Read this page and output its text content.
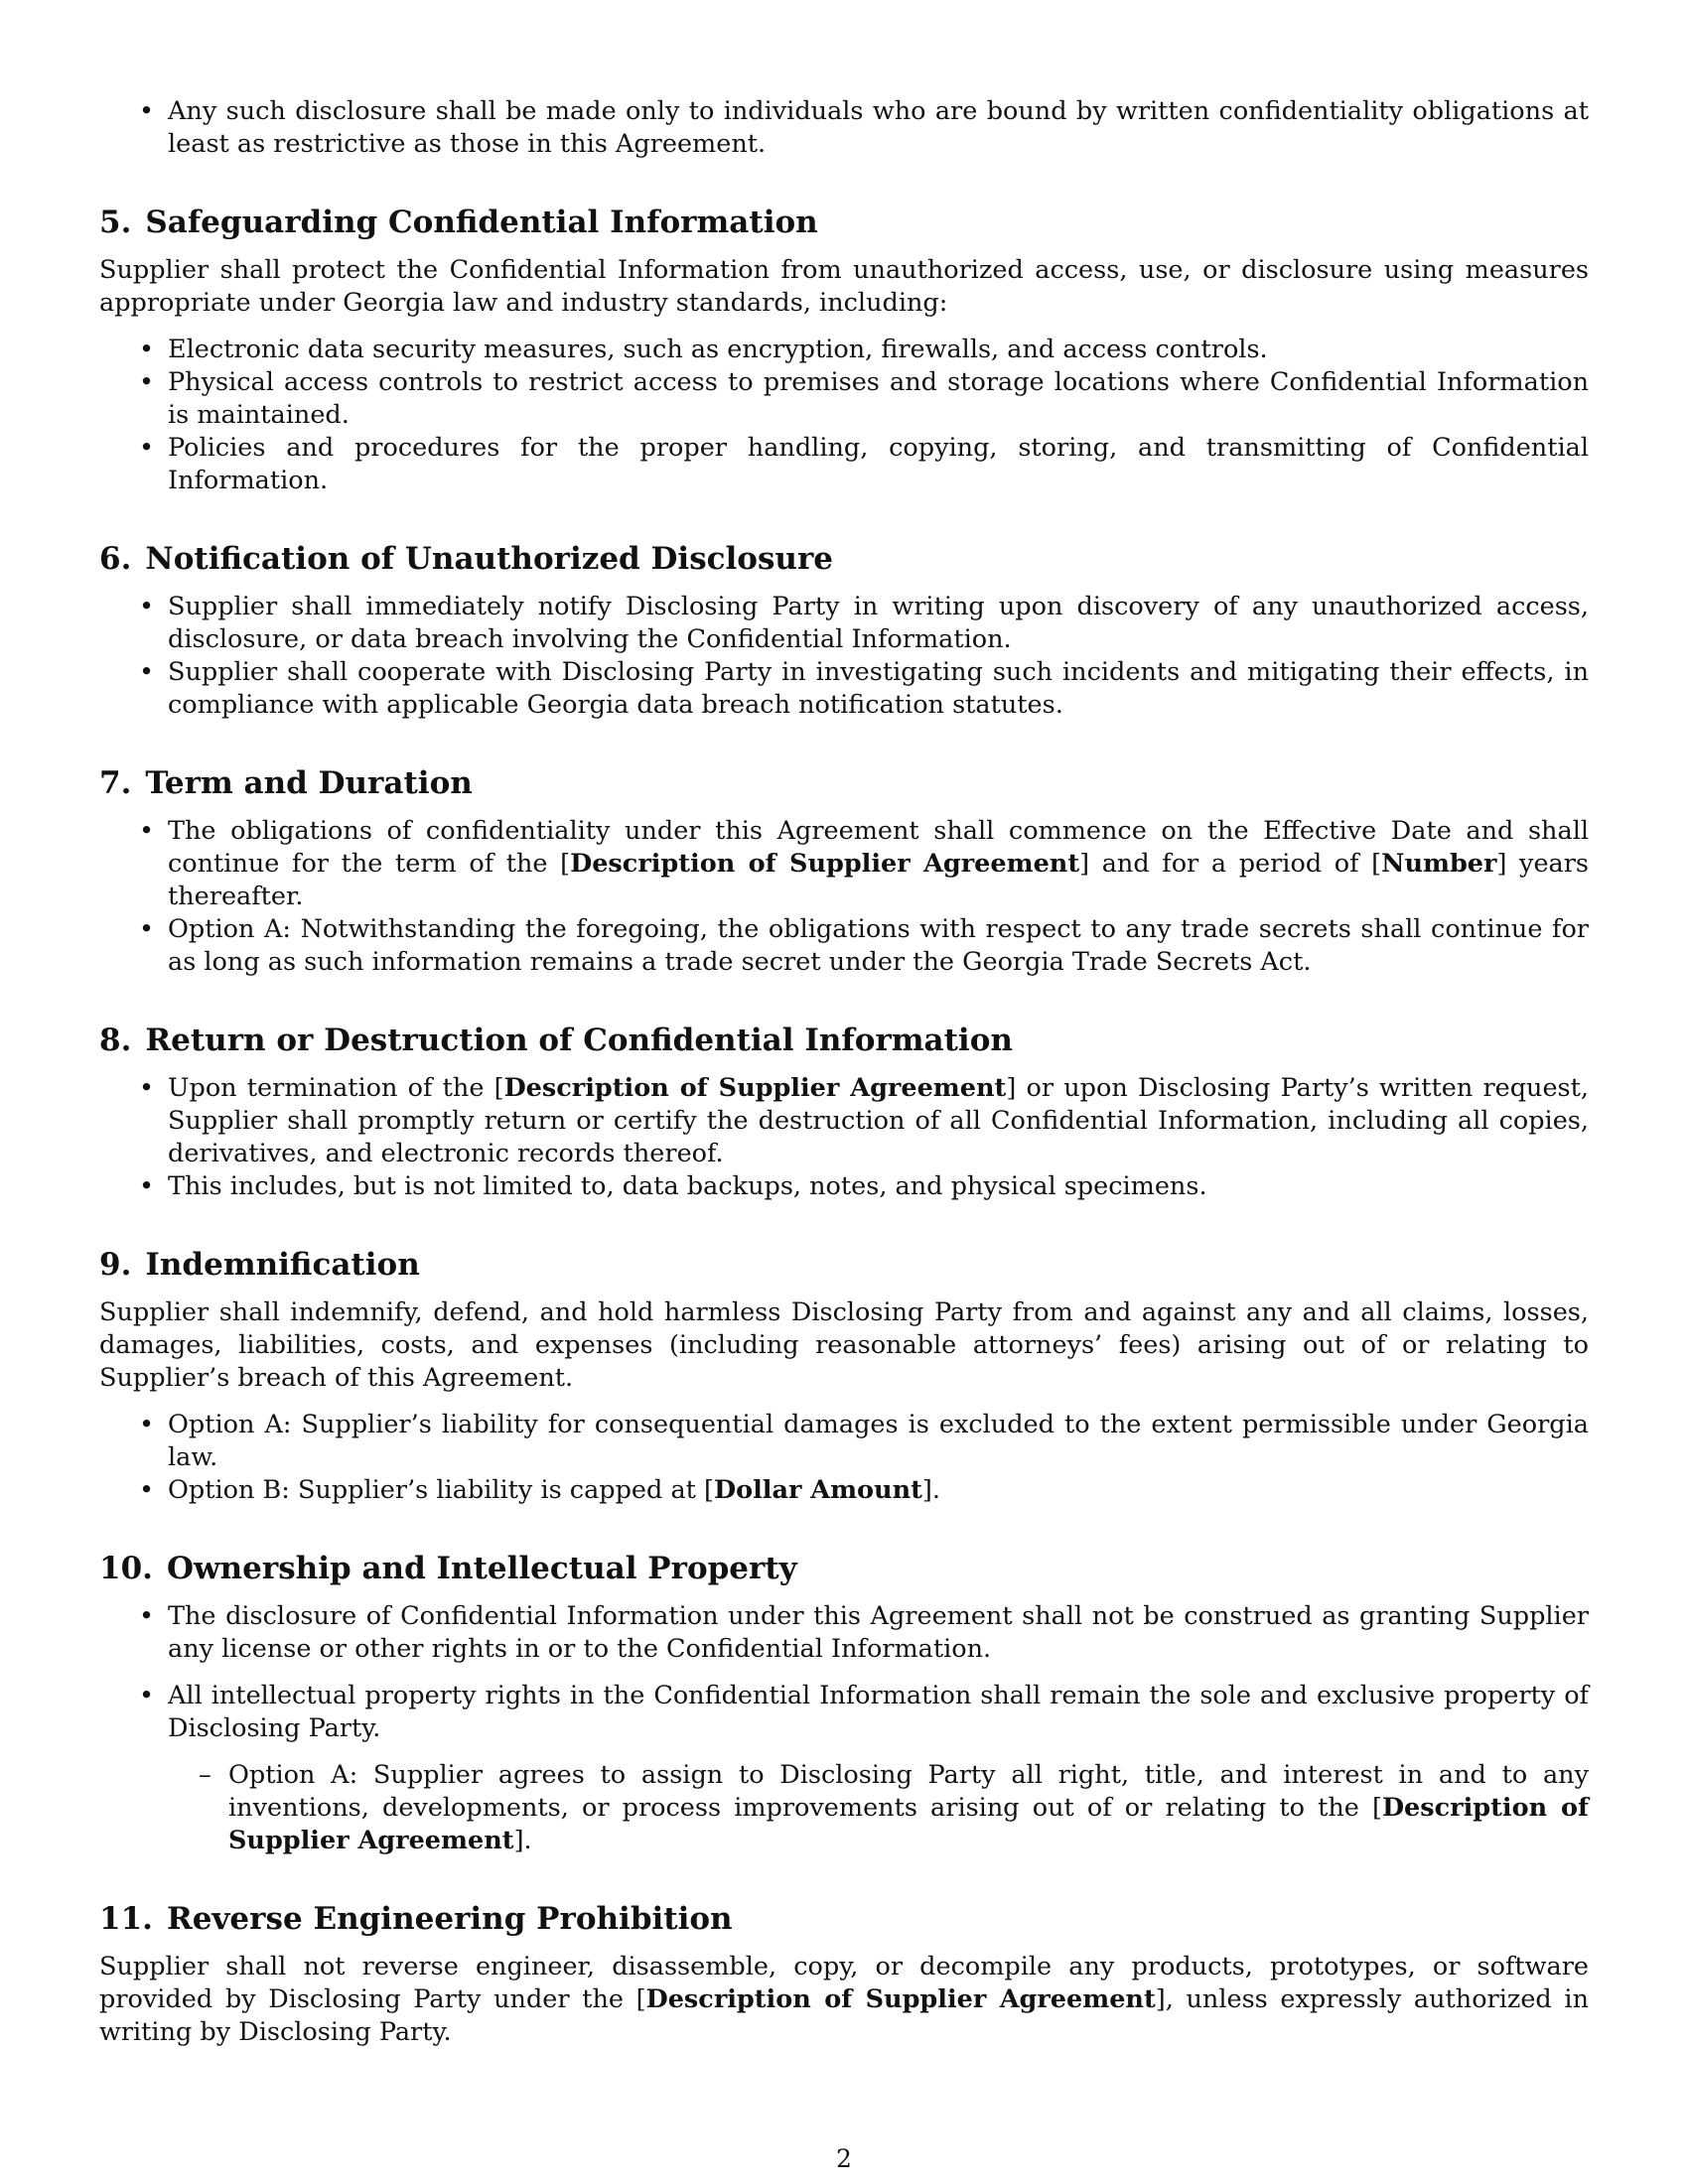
• Any such disclosure shall be made only to individuals who are bound by written confidentiality obligations at least as restrictive as those in this Agreement.
5. Safeguarding Confidential Information

Supplier shall protect the Confidential Information from unauthorized access, use, or disclosure using measures appropriate under Georgia law and industry standards, including:

• Electronic data security measures, such as encryption, firewalls, and access controls.
• Physical access controls to restrict access to premises and storage locations where Confidential Information is maintained.
• Policies and procedures for the proper handling, copying, storing, and transmitting of Confidential Information.
6. Notification of Unauthorized Disclosure
• Supplier shall immediately notify Disclosing Party in writing upon discovery of any unauthorized access, disclosure, or data breach involving the Confidential Information.
• Supplier shall cooperate with Disclosing Party in investigating such incidents and mitigating their effects, in compliance with applicable Georgia data breach notification statutes.
7. Term and Duration
• The obligations of confidentiality under this Agreement shall commence on the Effective Date and shall continue for the term of the [Description of Supplier Agreement] and for a period of [Number] years thereafter.
• Option A: Notwithstanding the foregoing, the obligations with respect to any trade secrets shall continue for as long as such information remains a trade secret under the Georgia Trade Secrets Act.
8. Return or Destruction of Confidential Information
• Upon termination of the [Description of Supplier Agreement] or upon Disclosing Party’s written request, Supplier shall promptly return or certify the destruction of all Confidential Information, including all copies, derivatives, and electronic records thereof.
• This includes, but is not limited to, data backups, notes, and physical specimens.
9. Indemnification

Supplier shall indemnify, defend, and hold harmless Disclosing Party from and against any and all claims, losses, damages, liabilities, costs, and expenses (including reasonable attorneys’ fees) arising out of or relating to Supplier’s breach of this Agreement.

• Option A: Supplier’s liability for consequential damages is excluded to the extent permissible under Georgia law.
• Option B: Supplier’s liability is capped at [Dollar Amount].
10. Ownership and Intellectual Property
• The disclosure of Confidential Information under this Agreement shall not be construed as granting Supplier any license or other rights in or to the Confidential Information.
• All intellectual property rights in the Confidential Information shall remain the sole and exclusive property of Disclosing Party.
– Option A: Supplier agrees to assign to Disclosing Party all right, title, and interest in and to any inventions, developments, or process improvements arising out of or relating to the [Description of Supplier Agreement].
11. Reverse Engineering Prohibition

Supplier shall not reverse engineer, disassemble, copy, or decompile any products, prototypes, or software provided by Disclosing Party under the [Description of Supplier Agreement], unless expressly authorized in writing by Disclosing Party.

2
